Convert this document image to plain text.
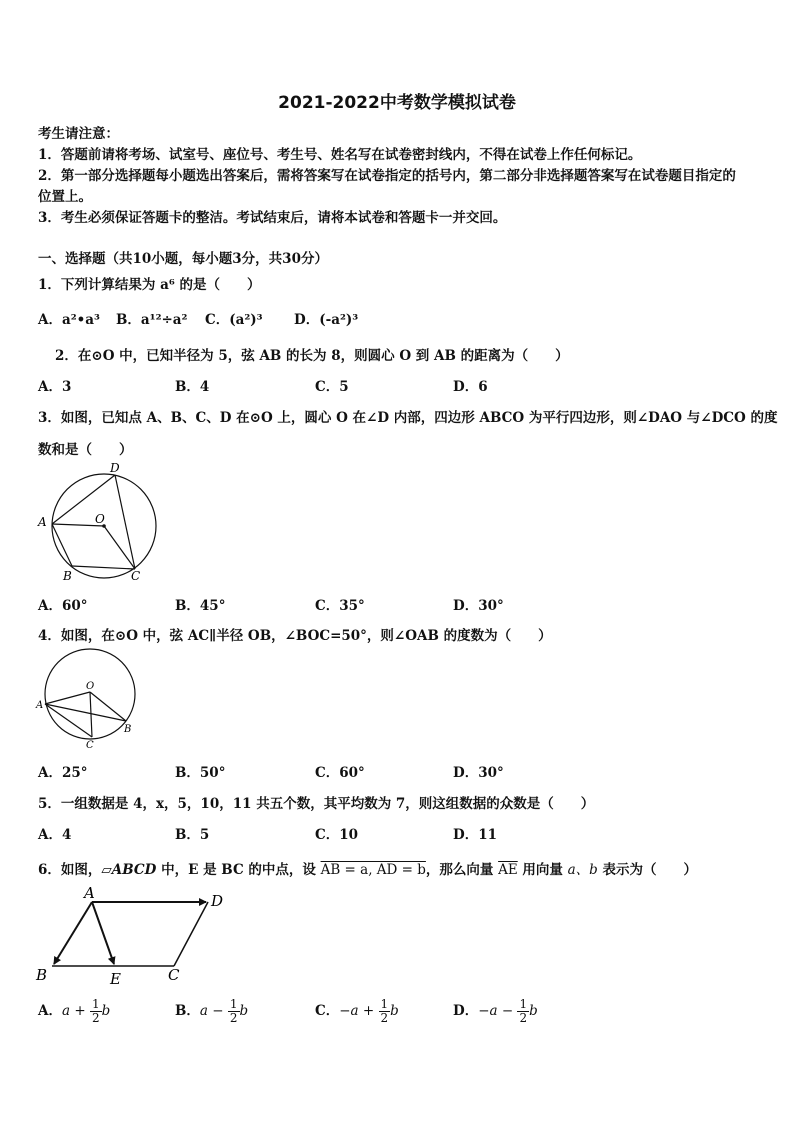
2021-2022中考数学模拟试卷
考生请注意：
1．答题前请将考场、试室号、座位号、考生号、姓名写在试卷密封线内，不得在试卷上作任何标记。
2．第一部分选择题每小题选出答案后，需将答案写在试卷指定的括号内，第二部分非选择题答案写在试卷题目指定的
位置上。
3．考生必须保证答题卡的整洁。考试结束后，请将本试卷和答题卡一并交回。
一、选择题（共10小题，每小题3分，共30分）
1．下列计算结果为 a⁶ 的是（　　）
A．a²•a³ B．a¹²÷a² C．(a²)³ D．(-a²)³
2．在⊙O 中，已知半径为 5，弦 AB 的长为 8，则圆心 O 到 AB 的距离为（　　）
A．3	B．4	C．5	D．6
3．如图，已知点 A、B、C、D 在⊙O 上，圆心 O 在∠D 内部，四边形 ABCO 为平行四边形，则∠DAO 与∠DCO 的度
数和是（　　）
A
B	C
D
O
A．60°	B．45°	C．35°	D．30°
4．如图，在⊙O 中，弦 AC∥半径 OB，∠BOC=50°，则∠OAB 的度数为（　　）
A
B
C
O
A．25°	B．50°	C．60°	D．30°
5．一组数据是 4，x，5，10，11 共五个数，其平均数为 7，则这组数据的众数是（　　）
A．4	B．5	C．10	D．11
6．如图，▱ABCD 中，E 是 BC 的中点，设 AB = a, AD = b，那么向量 $\overline{AE}$ 用向量 a、b 表示为（　　）
A
B	C
D
E
A．$a + \frac{1}{2}$ b	B．$a - \frac{1}{2}$ b	C．$-a + \frac{1}{2}$ b	D．$-a - \frac{1}{2}$ b
